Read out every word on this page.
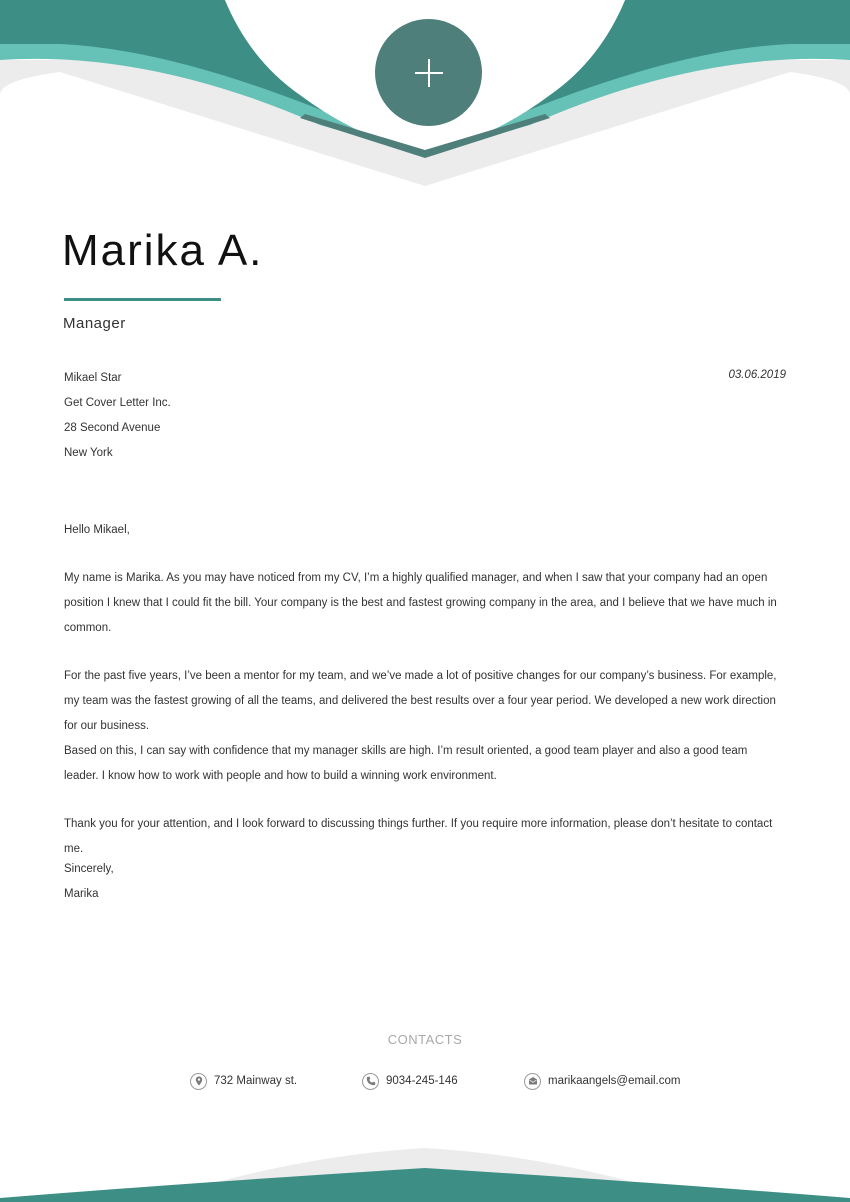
Marika A.
Manager
Mikael Star
Get Cover Letter Inc.
28 Second Avenue
New York
03.06.2019

Hello Mikael,

My name is Marika. As you may have noticed from my CV, I’m a highly qualified manager, and when I saw that your company had an open position I knew that I could fit the bill. Your company is the best and fastest growing company in the area, and I believe that we have much in common.

For the past five years, I’ve been a mentor for my team, and we’ve made a lot of positive changes for our company’s business. For example, my team was the fastest growing of all the teams, and delivered the best results over a four year period. We developed a new work direction for our business.

Based on this, I can say with confidence that my manager skills are high. I’m result oriented, a good team player and also a good team leader. I know how to work with people and how to build a winning work environment.

Thank you for your attention, and I look forward to discussing things further. If you require more information, please don’t hesitate to contact me.

Sincerely,
Marika
CONTACTS
732 Mainway st.	9034-245-146	marikaangels@email.com
